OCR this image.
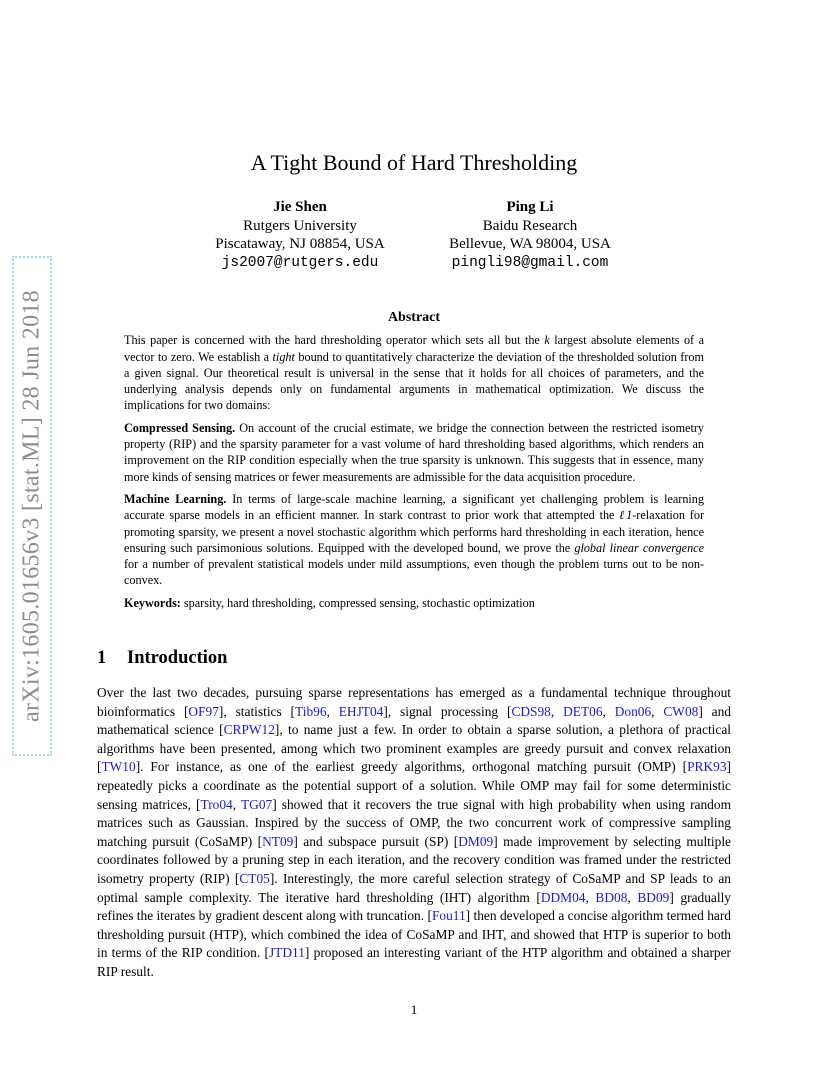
arXiv:1605.01656v3 [stat.ML] 28 Jun 2018
A Tight Bound of Hard Thresholding
Jie Shen
Rutgers University
Piscataway, NJ 08854, USA
js2007@rutgers.edu
Ping Li
Baidu Research
Bellevue, WA 98004, USA
pingli98@gmail.com
Abstract

This paper is concerned with the hard thresholding operator which sets all but the k largest absolute elements of a vector to zero. We establish a tight bound to quantitatively characterize the deviation of the thresholded solution from a given signal. Our theoretical result is universal in the sense that it holds for all choices of parameters, and the underlying analysis depends only on fundamental arguments in mathematical optimization. We discuss the implications for two domains:

Compressed Sensing. On account of the crucial estimate, we bridge the connection between the restricted isometry property (RIP) and the sparsity parameter for a vast volume of hard thresholding based algorithms, which renders an improvement on the RIP condition especially when the true sparsity is unknown. This suggests that in essence, many more kinds of sensing matrices or fewer measurements are admissible for the data acquisition procedure.

Machine Learning. In terms of large-scale machine learning, a significant yet challenging problem is learning accurate sparse models in an efficient manner. In stark contrast to prior work that attempted the ℓ1-relaxation for promoting sparsity, we present a novel stochastic algorithm which performs hard thresholding in each iteration, hence ensuring such parsimonious solutions. Equipped with the developed bound, we prove the global linear convergence for a number of prevalent statistical models under mild assumptions, even though the problem turns out to be non-convex.

Keywords: sparsity, hard thresholding, compressed sensing, stochastic optimization

1 Introduction
Over the last two decades, pursuing sparse representations has emerged as a fundamental technique throughout bioinformatics [OF97], statistics [Tib96, EHJT04], signal processing [CDS98, DET06, Don06, CW08] and mathematical science [CRPW12], to name just a few. In order to obtain a sparse solution, a plethora of practical algorithms have been presented, among which two prominent examples are greedy pursuit and convex relaxation [TW10]. For instance, as one of the earliest greedy algorithms, orthogonal matching pursuit (OMP) [PRK93] repeatedly picks a coordinate as the potential support of a solution. While OMP may fail for some deterministic sensing matrices, [Tro04, TG07] showed that it recovers the true signal with high probability when using random matrices such as Gaussian. Inspired by the success of OMP, the two concurrent work of compressive sampling matching pursuit (CoSaMP) [NT09] and subspace pursuit (SP) [DM09] made improvement by selecting multiple coordinates followed by a pruning step in each iteration, and the recovery condition was framed under the restricted isometry property (RIP) [CT05]. Interestingly, the more careful selection strategy of CoSaMP and SP leads to an optimal sample complexity. The iterative hard thresholding (IHT) algorithm [DDM04, BD08, BD09] gradually refines the iterates by gradient descent along with truncation. [Fou11] then developed a concise algorithm termed hard thresholding pursuit (HTP), which combined the idea of CoSaMP and IHT, and showed that HTP is superior to both in terms of the RIP condition. [JTD11] proposed an interesting variant of the HTP algorithm and obtained a sharper RIP result.
1
